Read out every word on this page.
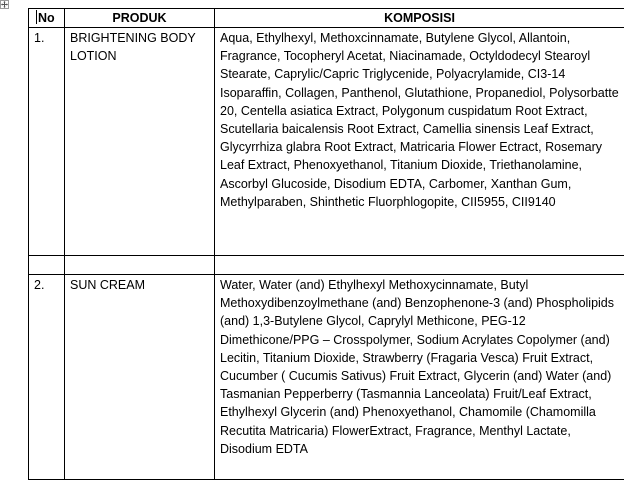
No	PRODUK	KOMPOSISI
1.	BRIGHTENING BODY LOTION	Aqua, Ethylhexyl, Methoxcinnamate, Butylene Glycol, Allantoin, Fragrance, Tocopheryl Acetat, Niacinamade, Octyldodecyl Stearoyl Stearate, Caprylic/Capric Triglycenide, Polyacrylamide, CI3-14 Isoparaffin, Collagen, Panthenol, Glutathione, Propanediol, Polysorbatte 20, Centella asiatica Extract, Polygonum cuspidatum Root Extract, Scutellaria baicalensis Root Extract, Camellia sinensis Leaf Extract, Glycyrrhiza glabra Root Extract, Matricaria Flower Ectract, Rosemary Leaf Extract, Phenoxyethanol, Titanium Dioxide, Triethanolamine, Ascorbyl Glucoside, Disodium EDTA, Carbomer, Xanthan Gum, Methylparaben, Shinthetic Fluorphlogopite, CII5955, CII9140

2.	SUN CREAM	Water, Water (and) Ethylhexyl Methoxycinnamate, Butyl Methoxydibenzoylmethane (and) Benzophenone-3 (and) Phospholipids (and) 1,3-Butylene Glycol, Caprylyl Methicone, PEG-12 Dimethicone/PPG – Crosspolymer, Sodium Acrylates Copolymer (and) Lecitin, Titanium Dioxide, Strawberry (Fragaria Vesca) Fruit Extract, Cucumber ( Cucumis Sativus) Fruit Extract, Glycerin (and) Water (and) Tasmanian Pepperberry (Tasmannia Lanceolata) Fruit/Leaf Extract, Ethylhexyl Glycerin (and) Phenoxyethanol, Chamomile (Chamomilla Recutita Matricaria) FlowerExtract, Fragrance, Menthyl Lactate, Disodium EDTA
